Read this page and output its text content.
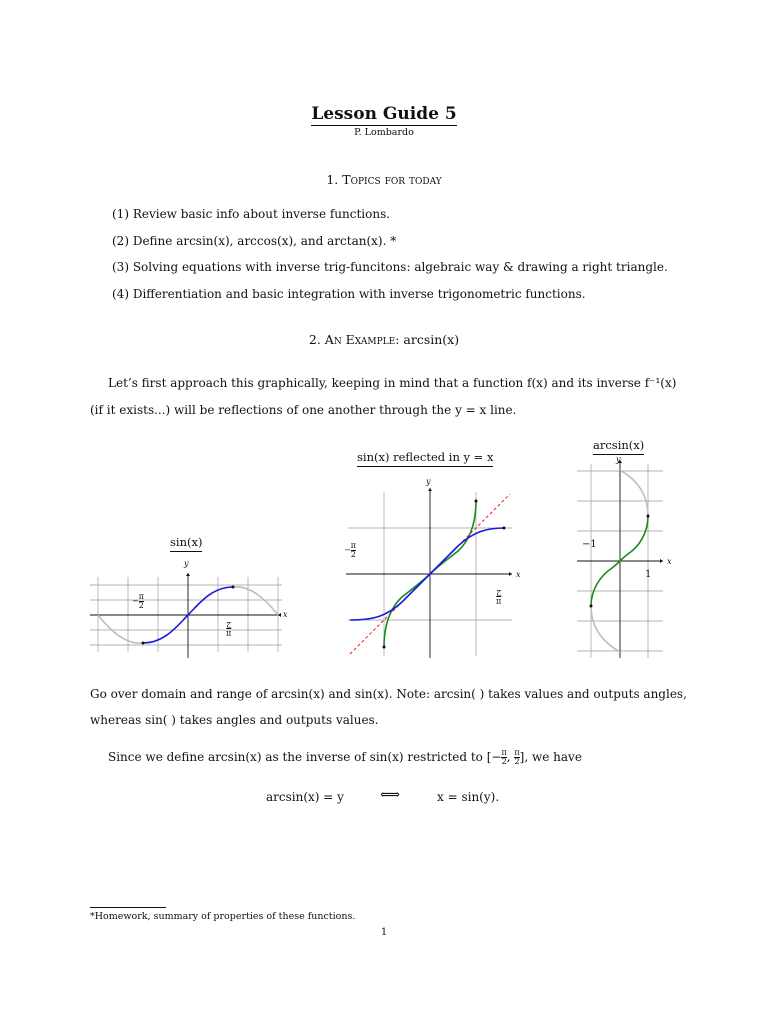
Lesson Guide 5
P. Lombardo
1. Topics for today
(1) Review basic info about inverse functions.
(2) Define arcsin(x), arccos(x), and arctan(x). *
(3) Solving equations with inverse trig-funcitons: algebraic way & drawing a right triangle.
(4) Differentiation and basic integration with inverse trigonometric functions.
2. An Example: arcsin(x)
Let’s first approach this graphically, keeping in mind that a function f(x) and its inverse f⁻¹(x)
(if it exists...) will be reflections of one another through the y = x line.
sin(x)
sin(x) reflected in y = x
arcsin(x)
y
x
− $\frac{\pi}{2}$
π
2
y
x
− $\frac{\pi}{2}$
π
2
y
x
−1
1
Go over domain and range of arcsin(x) and sin(x). Note: arcsin( ) takes values and outputs angles,
whereas sin( ) takes angles and outputs values.
Since we define arcsin(x) as the inverse of sin(x) restricted to [− $\frac{\pi}{2}$ , $\frac{\pi}{2}$ ], we have
arcsin(x) = y	⟺	x = sin(y).
*Homework, summary of properties of these functions.
1
